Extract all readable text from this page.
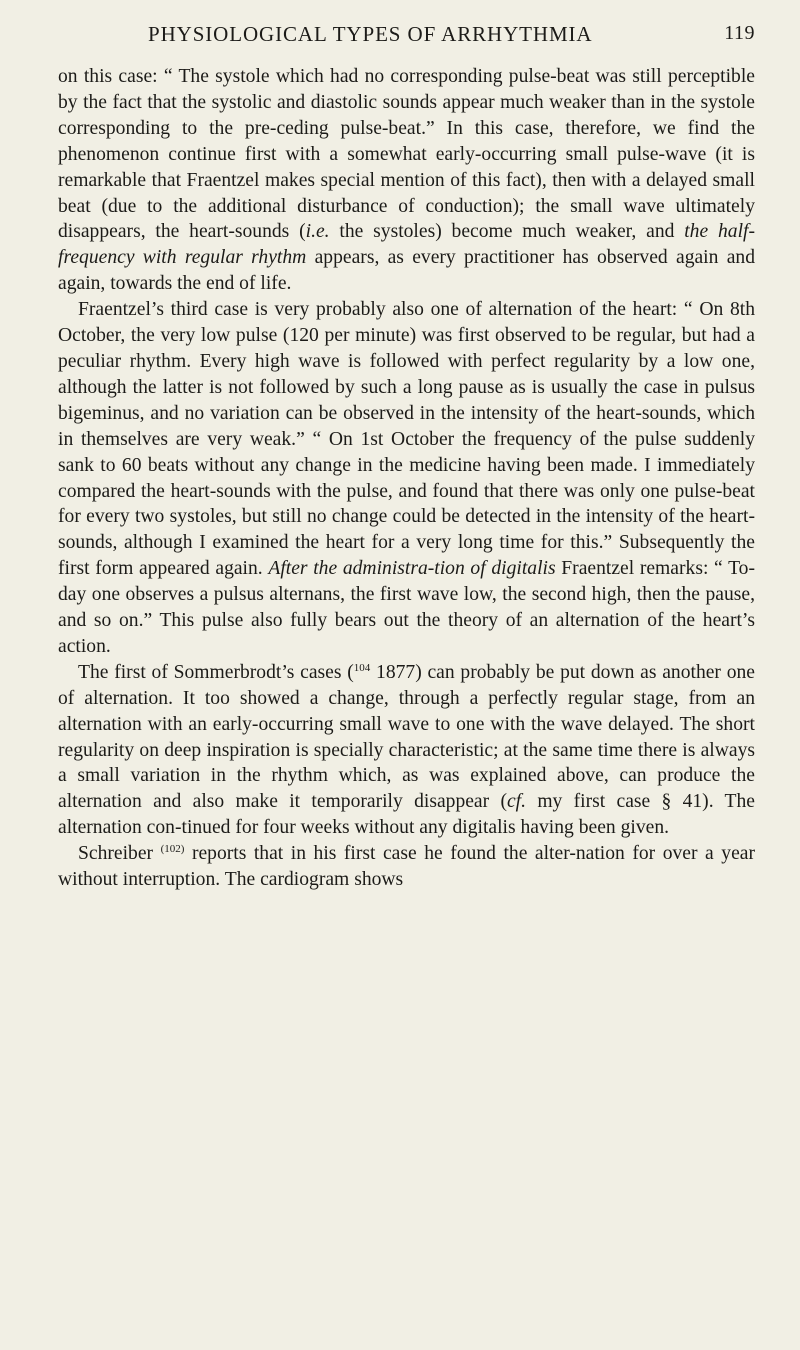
PHYSIOLOGICAL TYPES OF ARRHYTHMIA	119

on this case: “ The systole which had no corresponding pulse-beat was still perceptible by the fact that the systolic and diastolic sounds appear much weaker than in the systole corresponding to the pre-ceding pulse-beat.” In this case, therefore, we find the phenomenon continue first with a somewhat early-occurring small pulse-wave (it is remarkable that Fraentzel makes special mention of this fact), then with a delayed small beat (due to the additional disturbance of conduction); the small wave ultimately disappears, the heart-sounds (i.e. the systoles) become much weaker, and the half-frequency with regular rhythm appears, as every practitioner has observed again and again, towards the end of life.

Fraentzel’s third case is very probably also one of alternation of the heart: “ On 8th October, the very low pulse (120 per minute) was first observed to be regular, but had a peculiar rhythm. Every high wave is followed with perfect regularity by a low one, although the latter is not followed by such a long pause as is usually the case in pulsus bigeminus, and no variation can be observed in the intensity of the heart-sounds, which in themselves are very weak.” “ On 1st October the frequency of the pulse suddenly sank to 60 beats without any change in the medicine having been made. I immediately compared the heart-sounds with the pulse, and found that there was only one pulse-beat for every two systoles, but still no change could be detected in the intensity of the heart-sounds, although I examined the heart for a very long time for this.” Subsequently the first form appeared again. After the administra-tion of digitalis Fraentzel remarks: “ To-day one observes a pulsus alternans, the first wave low, the second high, then the pause, and so on.” This pulse also fully bears out the theory of an alternation of the heart’s action.

The first of Sommerbrodt’s cases ($^{104}$ 1877) can probably be put down as another one of alternation. It too showed a change, through a perfectly regular stage, from an alternation with an early-occurring small wave to one with the wave delayed. The short regularity on deep inspiration is specially characteristic; at the same time there is always a small variation in the rhythm which, as was explained above, can produce the alternation and also make it temporarily disappear (cf. my first case § 41). The alternation con-tinued for four weeks without any digitalis having been given.

Schreiber $^{(102)}$ reports that in his first case he found the alter-nation for over a year without interruption. The cardiogram shows
